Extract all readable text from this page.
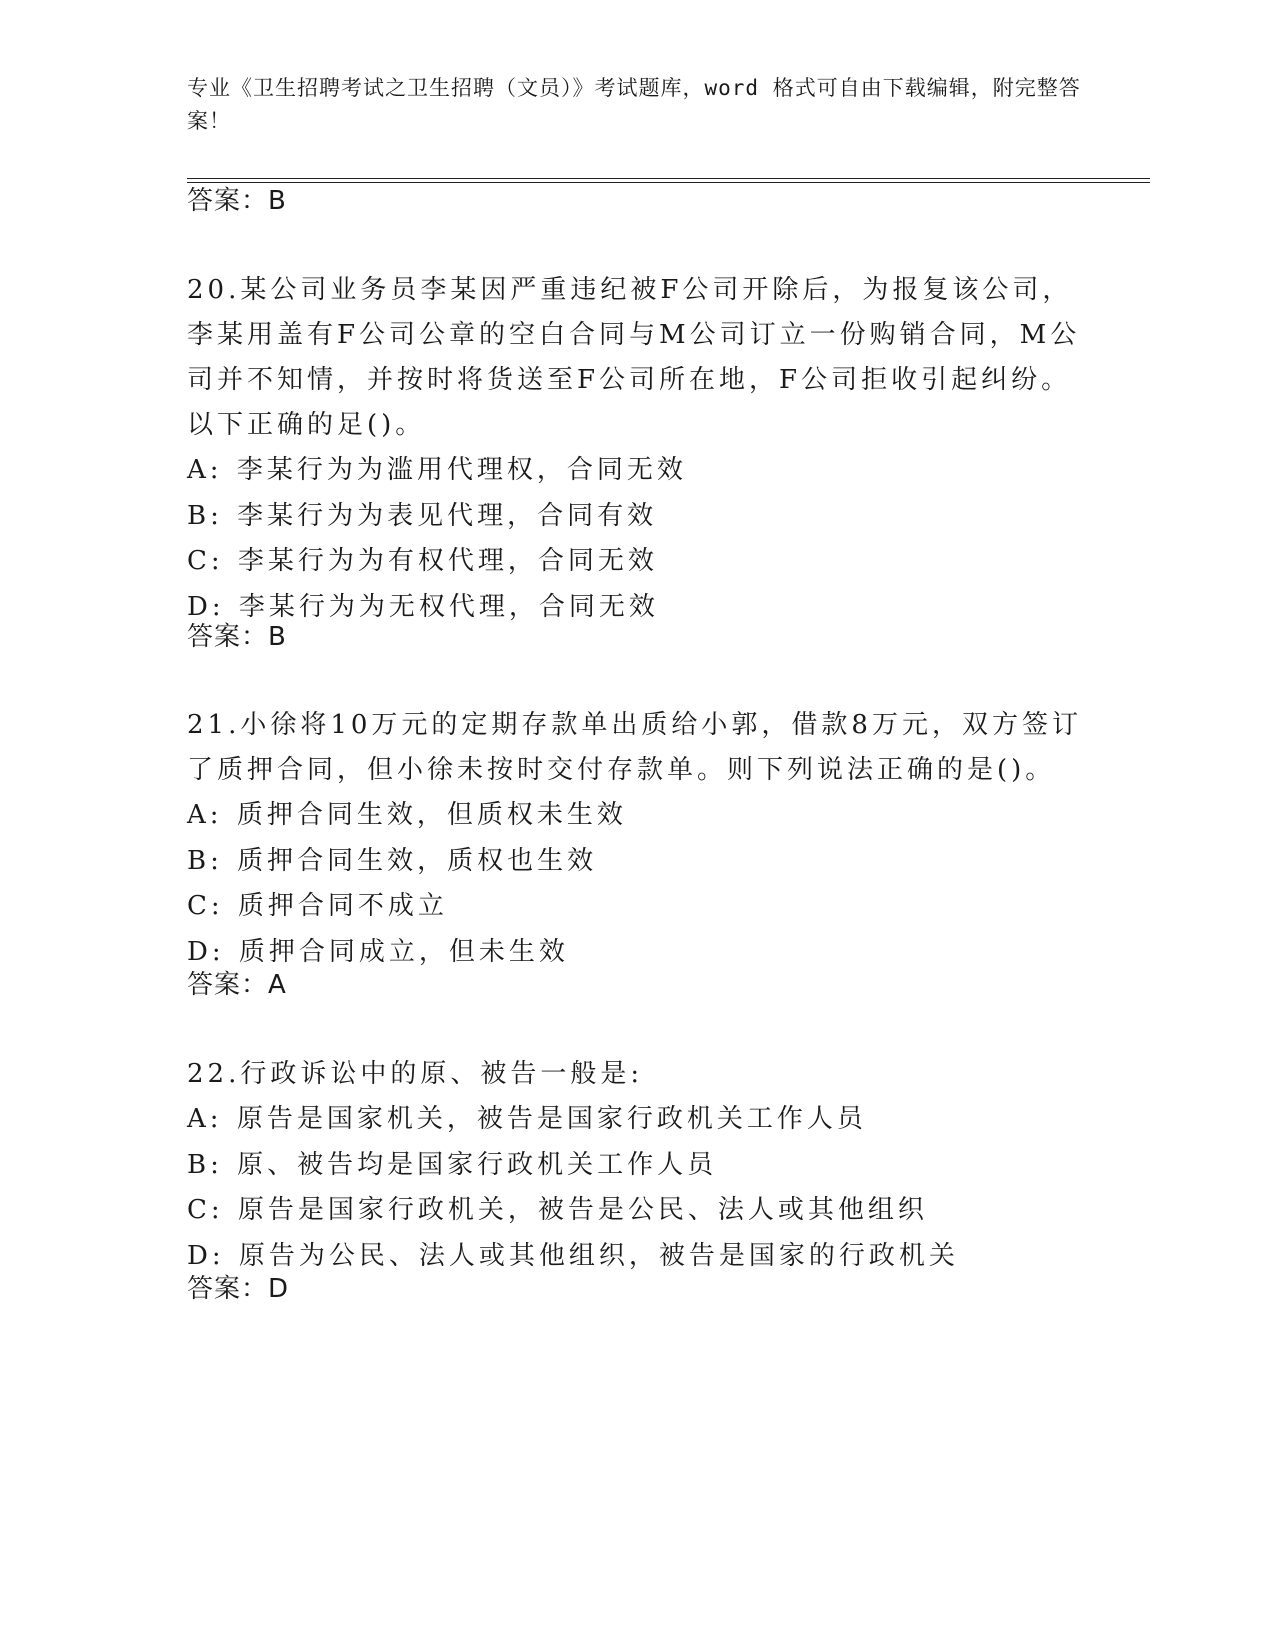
专业《卫生招聘考试之卫生招聘（文员）》考试题库，word 格式可自由下载编辑，附完整答案！
答案：B

20.某公司业务员李某因严重违纪被F公司开除后，为报复该公司，李某用盖有F公司公章的空白合同与M公司订立一份购销合同，M公司并不知情，并按时将货送至F公司所在地，F公司拒收引起纠纷。以下正确的足()。

A: 李某行为为滥用代理权，合同无效
B: 李某行为为表见代理，合同有效
C: 李某行为为有权代理，合同无效
D: 李某行为为无权代理，合同无效
答案：B

21.小徐将10万元的定期存款单出质给小郭，借款8万元，双方签订了质押合同，但小徐未按时交付存款单。则下列说法正确的是()。

A: 质押合同生效，但质权未生效
B: 质押合同生效，质权也生效
C: 质押合同不成立
D: 质押合同成立，但未生效
答案：A

22.行政诉讼中的原、被告一般是:

A: 原告是国家机关，被告是国家行政机关工作人员
B: 原、被告均是国家行政机关工作人员
C: 原告是国家行政机关，被告是公民、法人或其他组织
D: 原告为公民、法人或其他组织，被告是国家的行政机关
答案：D
